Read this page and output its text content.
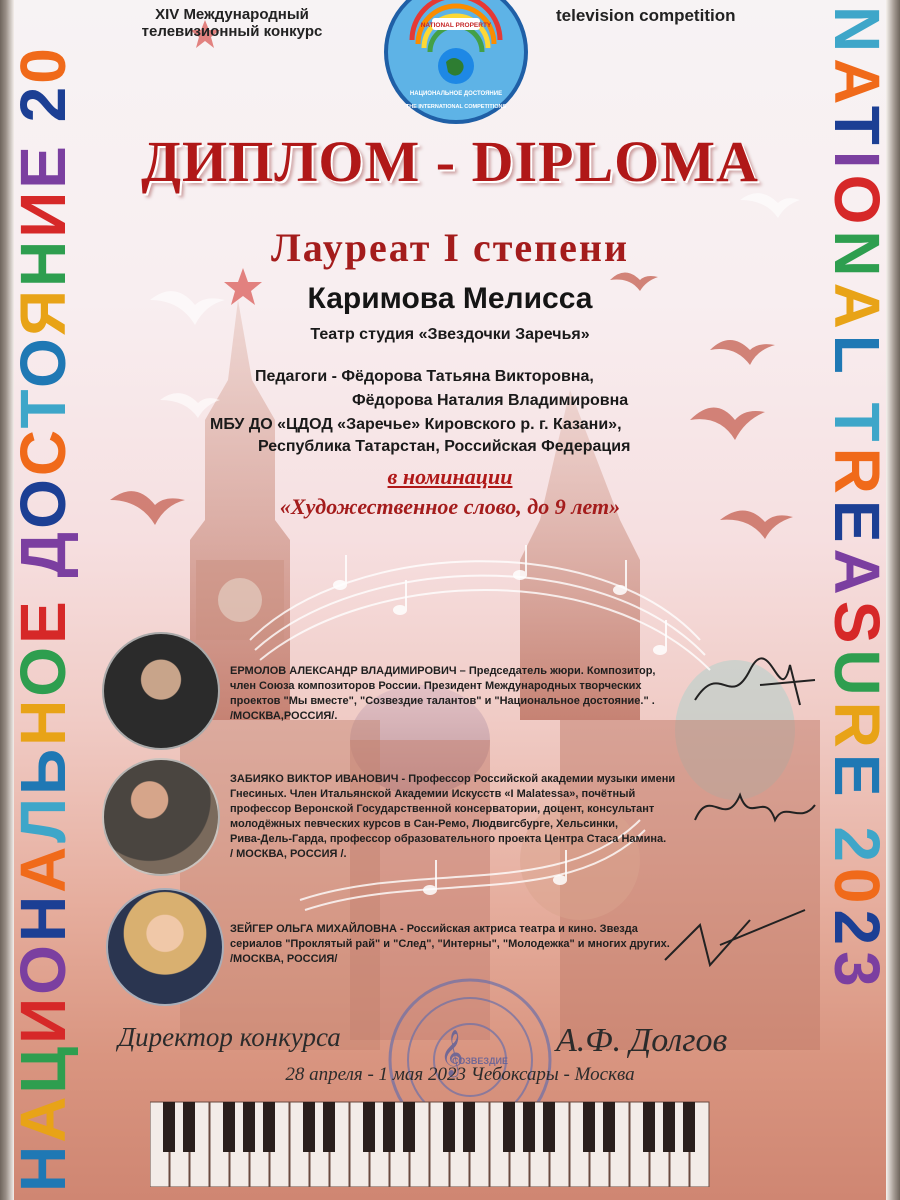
НАЦИОНАЛЬНОЕ ДОСТОЯНИЕ 20
NATIONAL TREASURE 2023
XIV Международный
телевизионный конкурс
television competition
NATIONAL PROPERTY
НАЦИОНАЛЬНОЕ ДОСТОЯНИЕ
THE INTERNATIONAL COMPETITIONS
ДИПЛОМ - DIPLOMA
Лауреат I степени
Каримова Мелисса
Театр студия «Звездочки Заречья»
Педагоги - Фёдорова Татьяна Викторовна,
Фёдорова Наталия Владимировна
МБУ ДО «ЦДОД «Заречье» Кировского р. г. Казани»,
Республика Татарстан, Российская Федерация
в номинации
«Художественное слово, до 9 лет»
ЕРМОЛОВ АЛЕКСАНДР ВЛАДИМИРОВИЧ – Председатель жюри. Композитор,
член Союза композиторов России. Президент Международных творческих
проектов "Мы вместе", "Созвездие талантов" и "Национальное достояние." .
/МОСКВА,РОССИЯ/.
ЗАБИЯКО ВИКТОР ИВАНОВИЧ - Профессор Российской академии музыки имени
Гнесиных. Член Итальянской Академии Искусств «I Malatessa», почётный
профессор Веронской Государственной консерватории, доцент, консультант
молодёжных певческих курсов в Сан-Ремо, Людвигсбурге, Хельсинки,
Рива-Дель-Гарда, профессор образовательного проекта Центра Стаса Намина.
/ МОСКВА, РОССИЯ /.
ЗЕЙГЕР ОЛЬГА МИХАЙЛОВНА - Российская актриса театра и кино. Звезда
сериалов "Проклятый рай" и "След", "Интерны", "Молодежка" и многих других.
/МОСКВА, РОССИЯ/
𝄞
СОЗВЕЗДИЕ
Директор конкурса	А.Ф. Долгов
28 апреля - 1 мая 2023 Чебоксары - Москва
